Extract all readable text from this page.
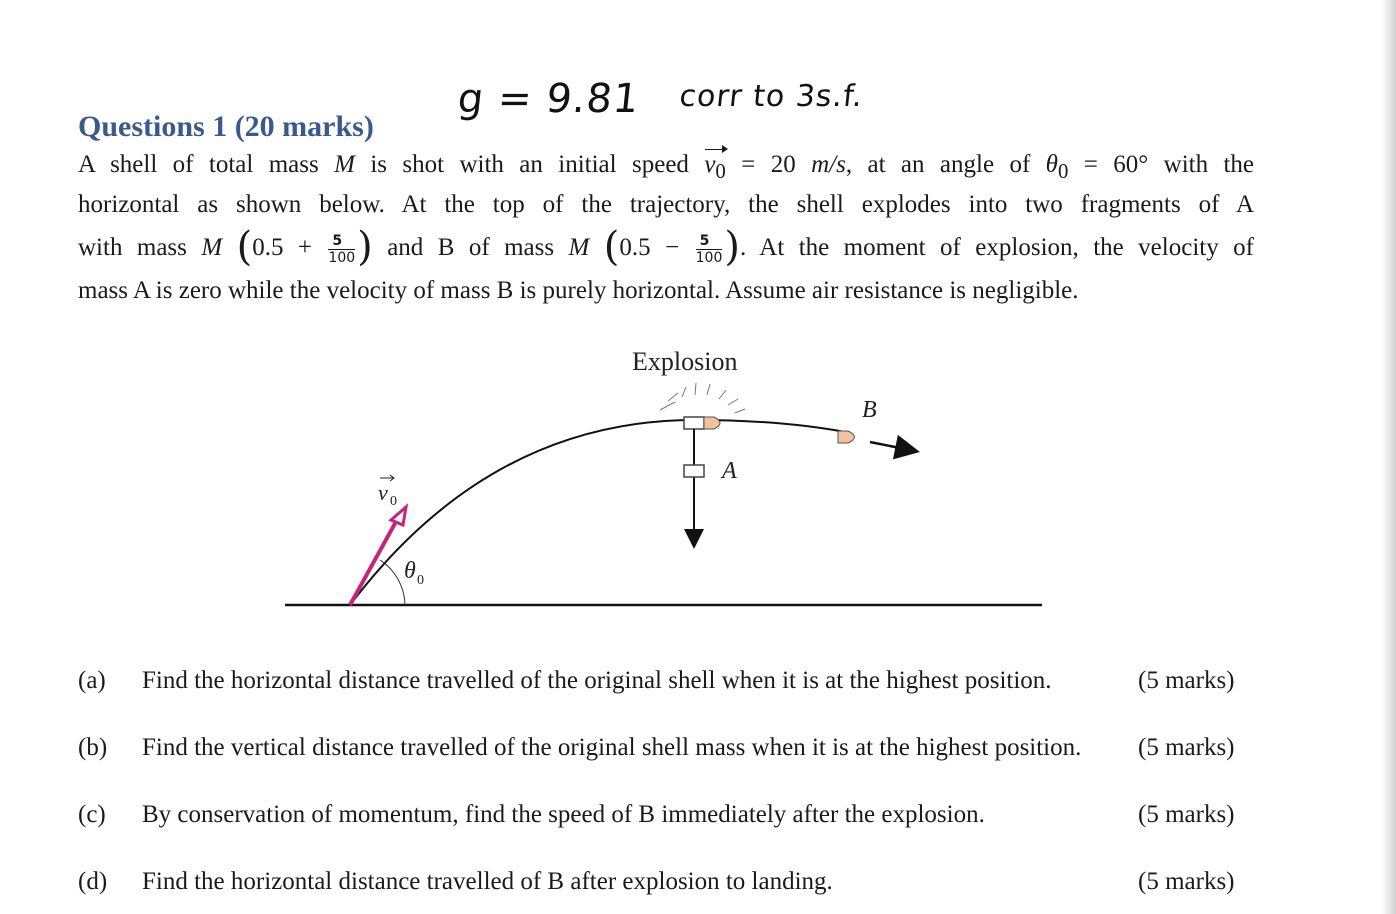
g = 9.81 corr to 3s.f.
Questions 1 (20 marks)
A shell of total mass M is shot with an initial speed $v_0 = 20$ m/s, at an angle of $\theta_0 = 60^\circ$ with the
horizontal as shown below. At the top of the trajectory, the shell explodes into two fragments of A
with mass M ($0.5 + \frac{5}{100}$ ) and B of mass M ($0.5 - \frac{5}{100}$ ). At the moment of explosion, the velocity of
mass A is zero while the velocity of mass B is purely horizontal. Assume air resistance is negligible.
Explosion
B
A
v 0
θ 0
(a) Find the horizontal distance travelled of the original shell when it is at the highest position.	(5 marks)
(b) Find the vertical distance travelled of the original shell mass when it is at the highest position.	(5 marks)
(c) By conservation of momentum, find the speed of B immediately after the explosion.	(5 marks)
(d) Find the horizontal distance travelled of B after explosion to landing.	(5 marks)
